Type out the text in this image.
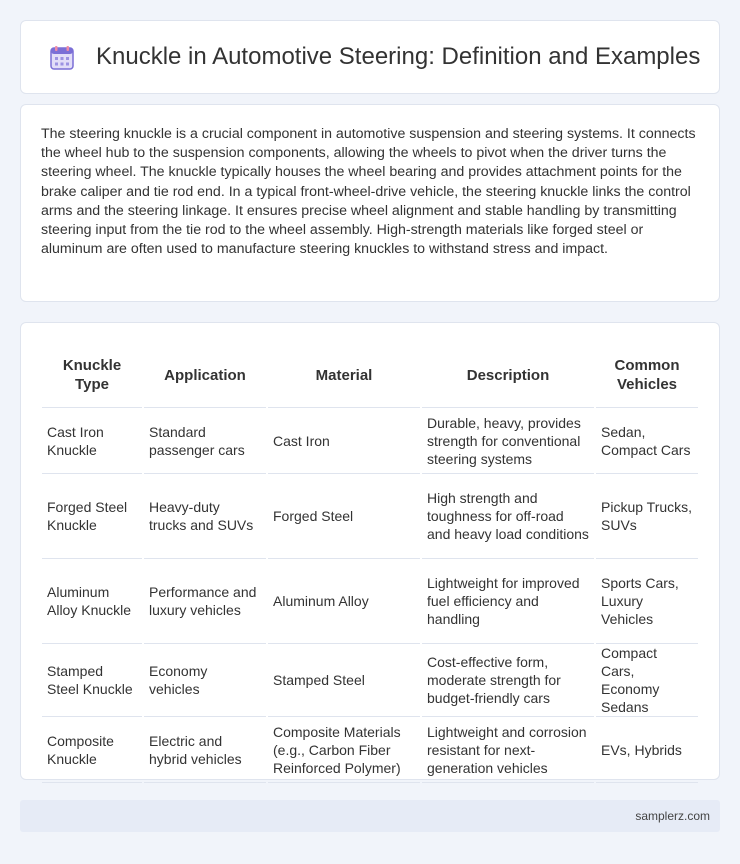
Knuckle in Automotive Steering: Definition and Examples

The steering knuckle is a crucial component in automotive suspension and steering systems. It connects the wheel hub to the suspension components, allowing the wheels to pivot when the driver turns the steering wheel. The knuckle typically houses the wheel bearing and provides attachment points for the brake caliper and tie rod end. In a typical front-wheel-drive vehicle, the steering knuckle links the control arms and the steering linkage. It ensures precise wheel alignment and stable handling by transmitting steering input from the tie rod to the wheel assembly. High-strength materials like forged steel or aluminum are often used to manufacture steering knuckles to withstand stress and impact.

Knuckle Type	Application	Material	Description	Common Vehicles
Cast Iron Knuckle	Standard passenger cars	Cast Iron	Durable, heavy, provides strength for conventional steering systems	Sedan, Compact Cars
Forged Steel Knuckle	Heavy-duty trucks and SUVs	Forged Steel	High strength and toughness for off-road and heavy load conditions	Pickup Trucks, SUVs
Aluminum Alloy Knuckle	Performance and luxury vehicles	Aluminum Alloy	Lightweight for improved fuel efficiency and handling	Sports Cars, Luxury Vehicles
Stamped Steel Knuckle	Economy vehicles	Stamped Steel	Cost-effective form, moderate strength for budget-friendly cars	Compact Cars, Economy Sedans
Composite Knuckle	Electric and hybrid vehicles	Composite Materials (e.g., Carbon Fiber Reinforced Polymer)	Lightweight and corrosion resistant for next-generation vehicles	EVs, Hybrids
samplerz.com
